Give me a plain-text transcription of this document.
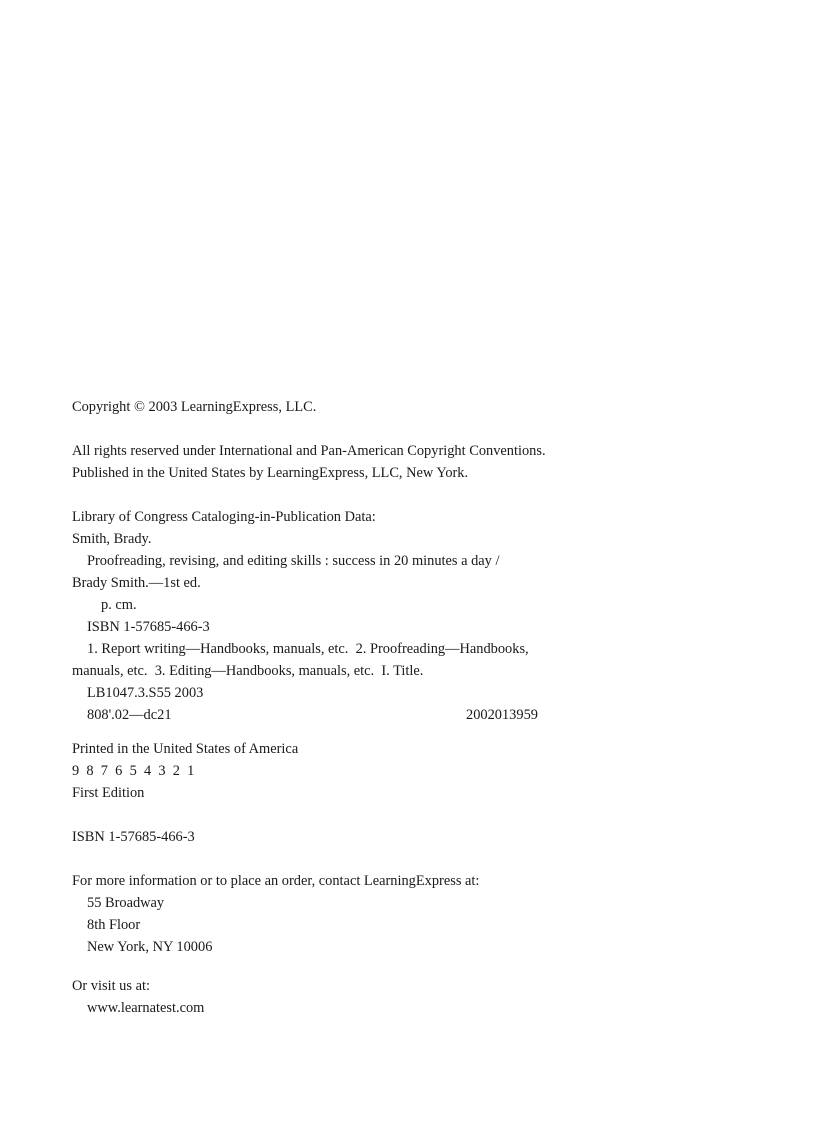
Copyright © 2003 LearningExpress, LLC.
All rights reserved under International and Pan-American Copyright Conventions.
Published in the United States by LearningExpress, LLC, New York.
Library of Congress Cataloging-in-Publication Data:
Smith, Brady.
Proofreading, revising, and editing skills : success in 20 minutes a day /
Brady Smith.—1st ed.
p. cm.
ISBN 1-57685-466-3
1. Report writing—Handbooks, manuals, etc.  2. Proofreading—Handbooks,
manuals, etc.  3. Editing—Handbooks, manuals, etc.  I. Title.
LB1047.3.S55 2003
808'.02—dc21	2002013959
Printed in the United States of America
9  8  7  6  5  4  3  2  1
First Edition
ISBN 1-57685-466-3
For more information or to place an order, contact LearningExpress at:
55 Broadway
8th Floor
New York, NY 10006
Or visit us at:
www.learnatest.com
